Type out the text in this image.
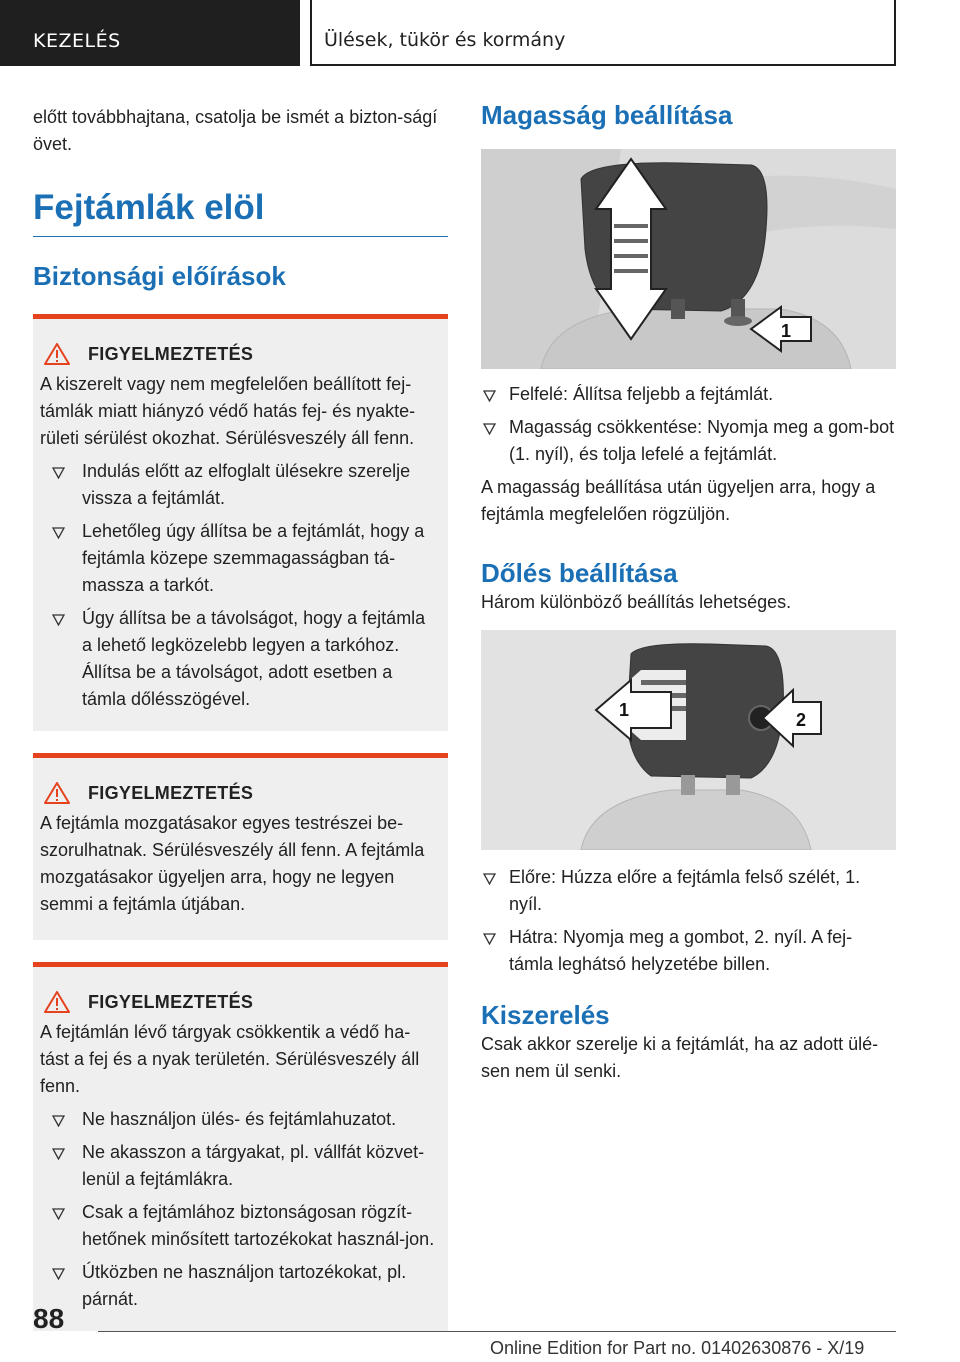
KEZELÉS	Ülések, tükör és kormány

előtt továbbhajtana, csatolja be ismét a bizton-ságí övet.

Fejtámlák elöl
Biztonsági előírások
FIGYELMEZTETÉS

A kiszerelt vagy nem megfelelően beállított fej-támlák miatt hiányzó védő hatás fej- és nyakte-rületi sérülést okozhat. Sérülésveszély áll fenn.

Indulás előtt az elfoglalt ülésekre szerelje vissza a fejtámlát.
Lehetőleg úgy állítsa be a fejtámlát, hogy a fejtámla közepe szemmagasságban tá-massza a tarkót.
Úgy állítsa be a távolságot, hogy a fejtámla a lehető legközelebb legyen a tarkóhoz. Állítsa be a távolságot, adott esetben a támla dőlésszögével.
FIGYELMEZTETÉS

A fejtámla mozgatásakor egyes testrészei be-szorulhatnak. Sérülésveszély áll fenn. A fejtámla mozgatásakor ügyeljen arra, hogy ne legyen semmi a fejtámla útjában.

FIGYELMEZTETÉS

A fejtámlán lévő tárgyak csökkentik a védő ha-tást a fej és a nyak területén. Sérülésveszély áll fenn.

Ne használjon ülés- és fejtámlahuzatot.
Ne akasszon a tárgyakat, pl. vállfát közvet-lenül a fejtámlákra.
Csak a fejtámlához biztonságosan rögzít-hetőnek minősített tartozékokat használ-jon.
Útközben ne használjon tartozékokat, pl. párnát.
Magasság beállítása
1
Felfelé: Állítsa feljebb a fejtámlát.
Magasság csökkentése: Nyomja meg a gom-bot (1. nyíl), és tolja lefelé a fejtámlát.

A magasság beállítása után ügyeljen arra, hogy a fejtámla megfelelően rögzüljön.

Dőlés beállítása

Három különböző beállítás lehetséges.

1	2
Előre: Húzza előre a fejtámla felső szélét, 1. nyíl.
Hátra: Nyomja meg a gombot, 2. nyíl. A fej-támla leghátsó helyzetébe billen.
Kiszerelés

Csak akkor szerelje ki a fejtámlát, ha az adott ülé-sen nem ül senki.

88
Online Edition for Part no. 01402630876 - X/19
